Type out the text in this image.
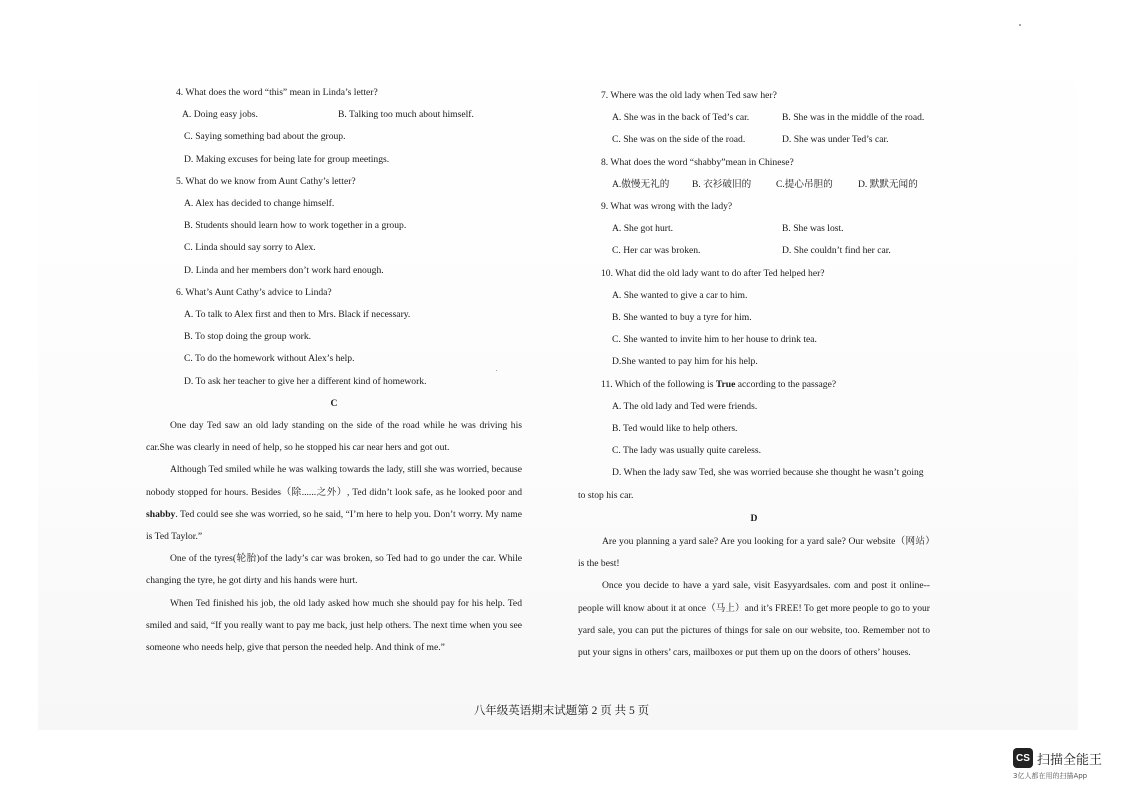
4. What does the word “this” mean in Linda’s letter?

A. Doing easy jobs.	B. Talking too much about himself.

C. Saying something bad about the group.

D. Making excuses for being late for group meetings.

5. What do we know from Aunt Cathy’s letter?

A. Alex has decided to change himself.

B. Students should learn how to work together in a group.

C. Linda should say sorry to Alex.

D. Linda and her members don’t work hard enough.

6. What’s Aunt Cathy’s advice to Linda?

A. To talk to Alex first and then to Mrs. Black if necessary.

B. To stop doing the group work.

C. To do the homework without Alex’s help.

D. To ask her teacher to give her a different kind of homework.

C

One day Ted saw an old lady standing on the side of the road while he was driving his car.She was clearly in need of help, so he stopped his car near hers and got out.

Although Ted smiled while he was walking towards the lady, still she was worried, because nobody stopped for hours. Besides（除......之外）, Ted didn’t look safe, as he looked poor and shabby. Ted could see she was worried, so he said, “I’m here to help you. Don’t worry. My name is Ted Taylor.”

One of the tyres(轮胎)of the lady’s car was broken, so Ted had to go under the car. While changing the tyre, he got dirty and his hands were hurt.

When Ted finished his job, the old lady asked how much she should pay for his help. Ted smiled and said, “If you really want to pay me back, just help others. The next time when you see someone who needs help, give that person the needed help. And think of me.”

7. Where was the old lady when Ted saw her?

A. She was in the back of Ted’s car.	B. She was in the middle of the road.

C. She was on the side of the road.	D. She was under Ted’s car.

8. What does the word “shabby”mean in Chinese?

A.傲慢无礼的	B. 衣衫破旧的	C.提心吊胆的	D. 默默无闻的

9. What was wrong with the lady?

A. She got hurt.	B. She was lost.

C. Her car was broken.	D. She couldn’t find her car.

10. What did the old lady want to do after Ted helped her?

A. She wanted to give a car to him.

B. She wanted to buy a tyre for him.

C. She wanted to invite him to her house to drink tea.

D.She wanted to pay him for his help.

11. Which of the following is True according to the passage?

A. The old lady and Ted were friends.

B. Ted would like to help others.

C. The lady was usually quite careless.

D. When the lady saw Ted, she was worried because she thought he wasn’t going

to stop his car.

D

Are you planning a yard sale? Are you looking for a yard sale? Our website（网站）is the best!

Once you decide to have a yard sale, visit Easyyardsales. com and post it online--people will know about it at once（马上）and it’s FREE! To get more people to go to your yard sale, you can put the pictures of things for sale on our website, too. Remember not to put your signs in others’ cars, mailboxes or put them up on the doors of others’ houses.

八年级英语期末试题第 2 页 共 5 页
CS 扫描全能王
3亿人都在用的扫描App
